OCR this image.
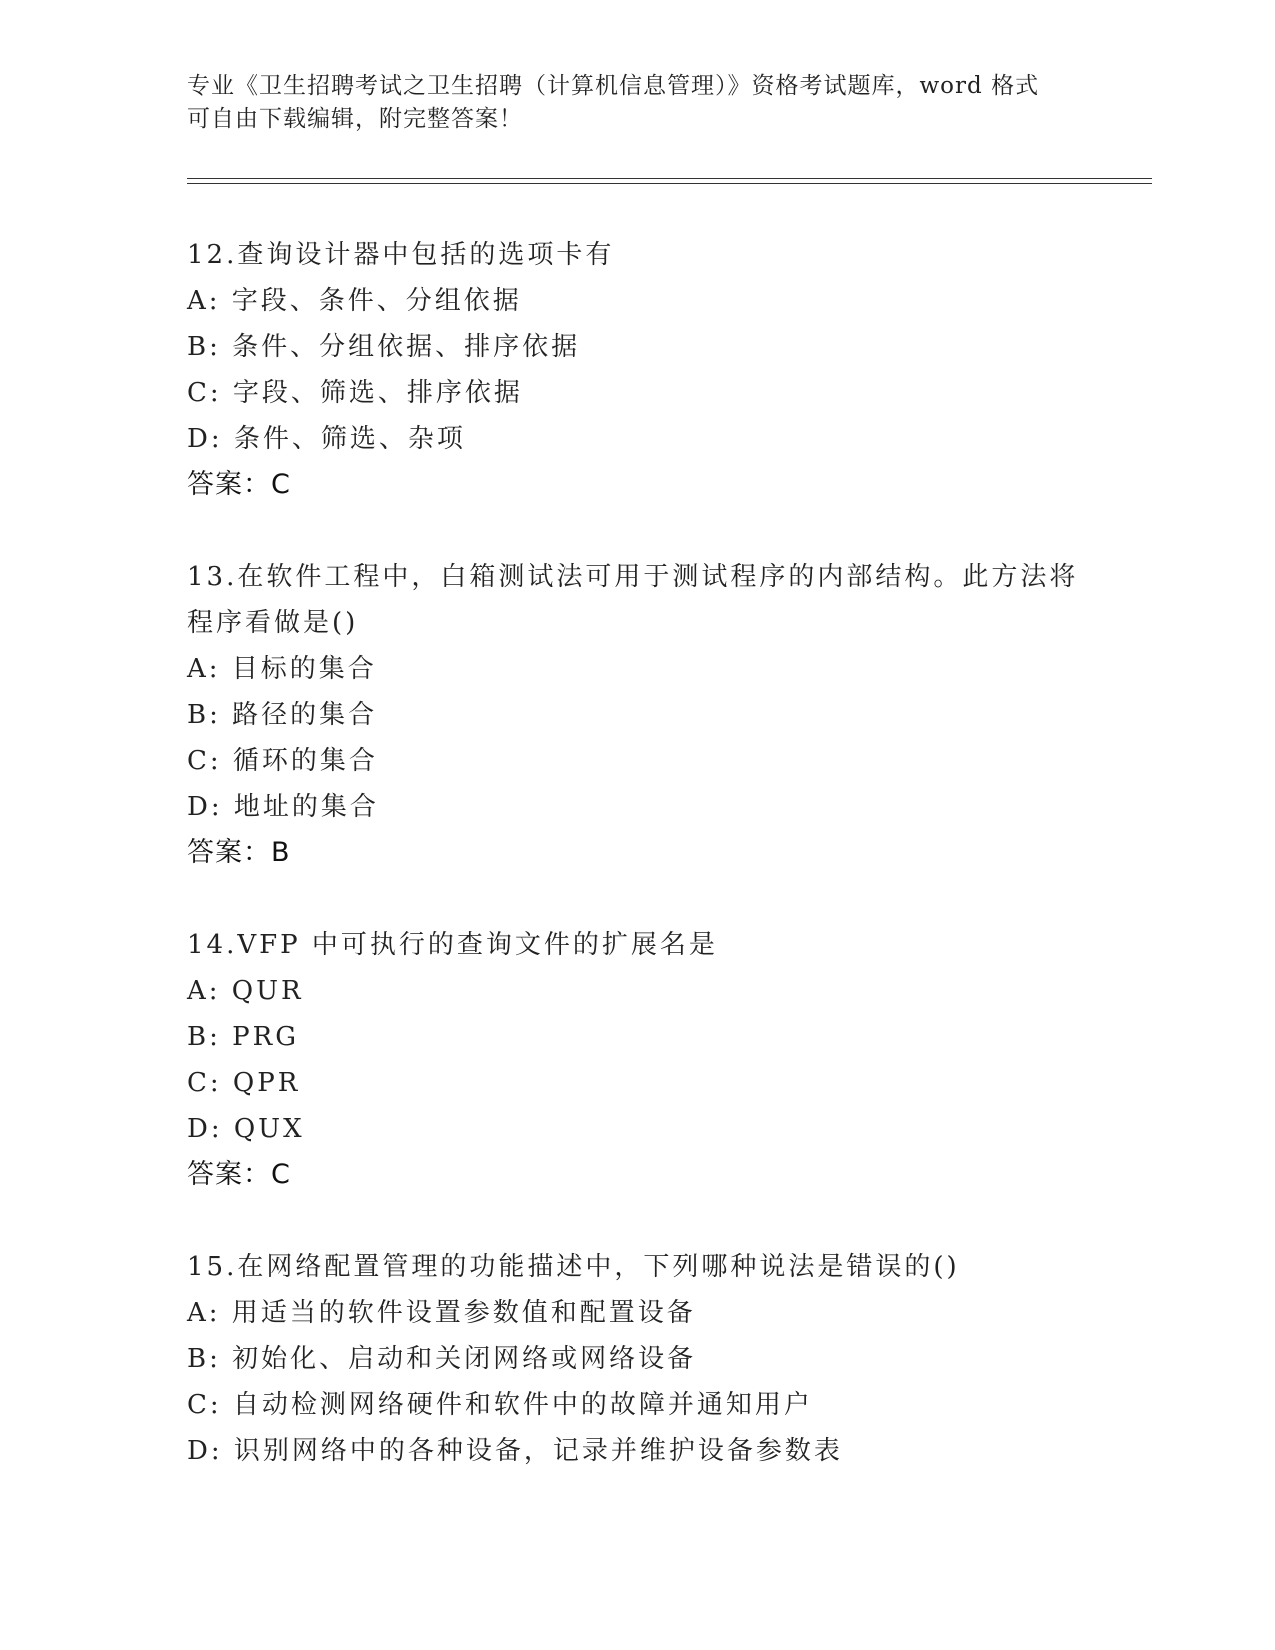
专业《卫生招聘考试之卫生招聘（计算机信息管理）》资格考试题库，word 格式
可自由下载编辑，附完整答案！
12.查询设计器中包括的选项卡有
A: 字段、条件、分组依据
B: 条件、分组依据、排序依据
C: 字段、筛选、排序依据
D: 条件、筛选、杂项
答案：C
13.在软件工程中，白箱测试法可用于测试程序的内部结构。此方法将
程序看做是()
A: 目标的集合
B: 路径的集合
C: 循环的集合
D: 地址的集合
答案：B
14.VFP 中可执行的查询文件的扩展名是
A: QUR
B: PRG
C: QPR
D: QUX
答案：C
15.在网络配置管理的功能描述中，下列哪种说法是错误的()
A: 用适当的软件设置参数值和配置设备
B: 初始化、启动和关闭网络或网络设备
C: 自动检测网络硬件和软件中的故障并通知用户
D: 识别网络中的各种设备，记录并维护设备参数表
